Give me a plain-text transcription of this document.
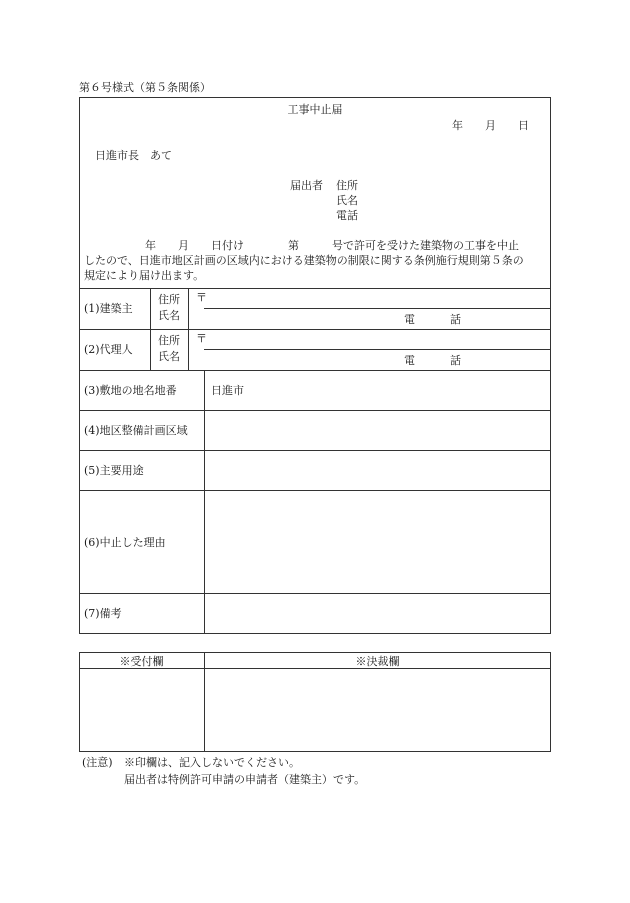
第６号様式（第５条関係）
工事中止届
年　　月　　日
日進市長　あて
届出者 住所
氏名
電話
年　　月　　日付け　　　　第　　　号で許可を受けた建築物の工事を中止
したので、日進市地区計画の区域内における建築物の制限に関する条例施行規則第５条の
規定により届け出ます。
(1)建築主
住所
氏名
〒
電　話
(2)代理人
住所
氏名
〒
電　話
(3)敷地の地名地番	日進市
(4)地区整備計画区域
(5)主要用途
(6)中止した理由
(7)備考
※受付欄	※決裁欄
(注意) ※印欄は、記入しないでください。
届出者は特例許可申請の申請者（建築主）です。
